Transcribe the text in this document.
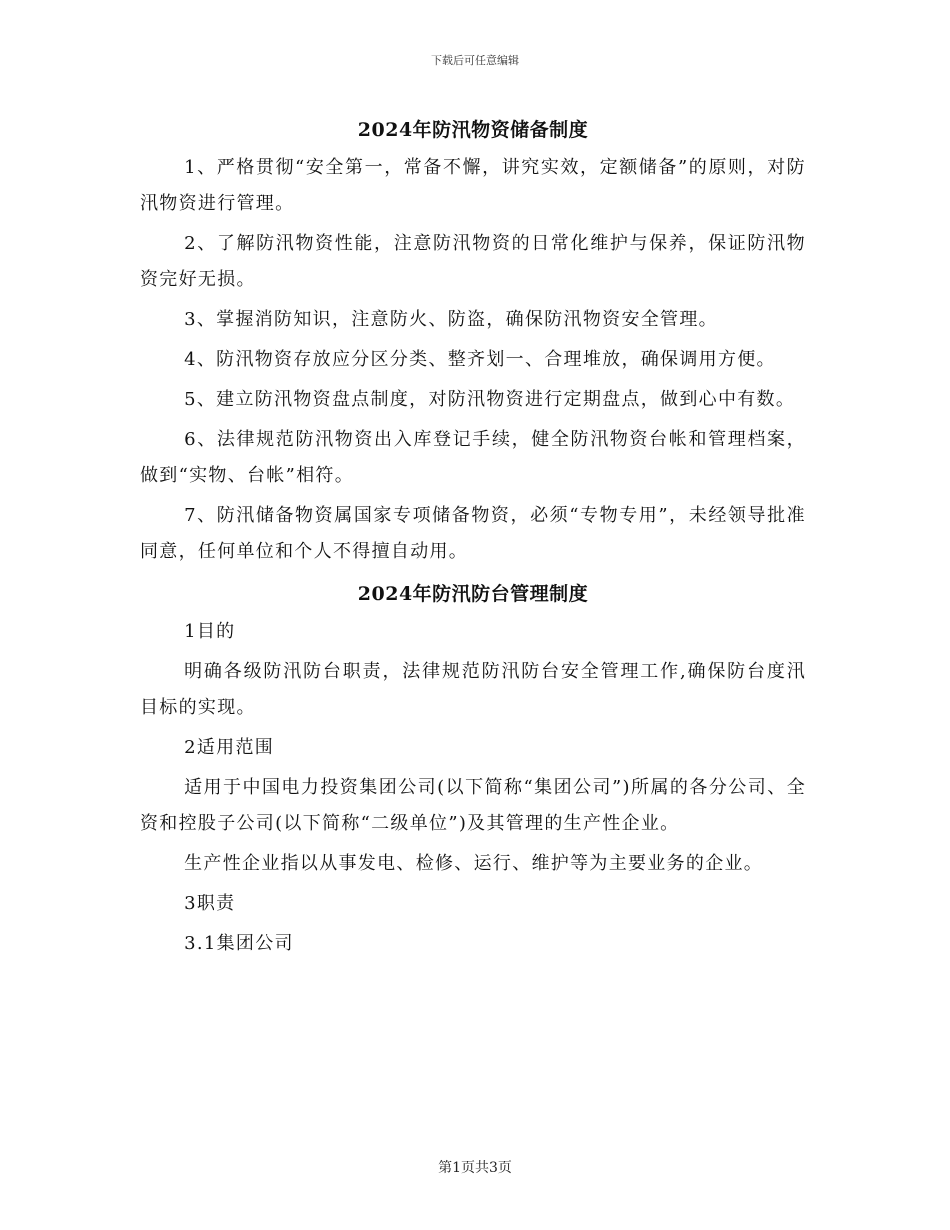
下载后可任意编辑
2024年防汛物资储备制度

1、严格贯彻“安全第一，常备不懈，讲究实效，定额储备”的原则，对防汛物资进行管理。

2、了解防汛物资性能，注意防汛物资的日常化维护与保养，保证防汛物资完好无损。

3、掌握消防知识，注意防火、防盗，确保防汛物资安全管理。

4、防汛物资存放应分区分类、整齐划一、合理堆放，确保调用方便。

5、建立防汛物资盘点制度，对防汛物资进行定期盘点，做到心中有数。

6、法律规范防汛物资出入库登记手续，健全防汛物资台帐和管理档案，做到“实物、台帐”相符。

7、防汛储备物资属国家专项储备物资，必须“专物专用”，未经领导批准同意，任何单位和个人不得擅自动用。

2024年防汛防台管理制度

1目的

明确各级防汛防台职责，法律规范防汛防台安全管理工作,确保防台度汛目标的实现。

2适用范围

适用于中国电力投资集团公司(以下简称“集团公司”)所属的各分公司、全资和控股子公司(以下简称“二级单位”)及其管理的生产性企业。

生产性企业指以从事发电、检修、运行、维护等为主要业务的企业。

3职责

3.1集团公司

第1页共3页
